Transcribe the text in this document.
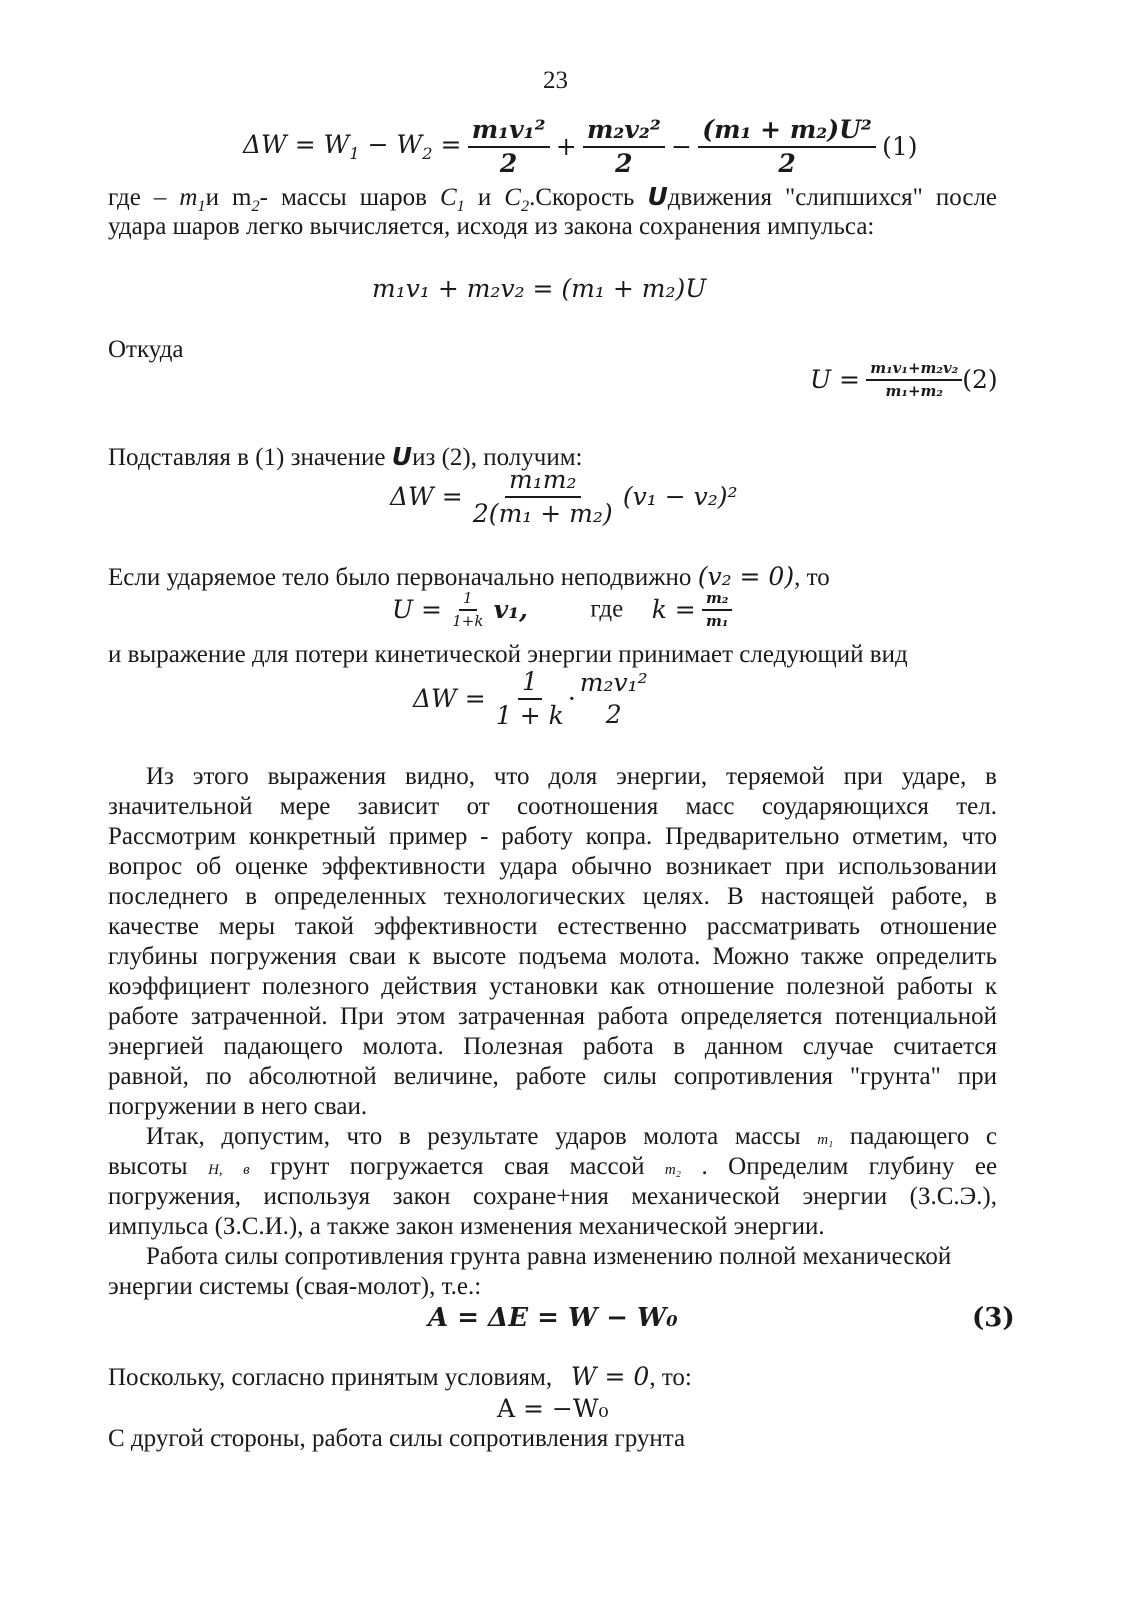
23
$\Delta W = W_1 - W_2 = \frac{\text{m₁v₁²}}{2} + \frac{\text{m₂v₂²}}{2} - \frac{\text{(m₁ + m₂)U²}}{2} (1)$
где – $m_1и$ $m_2-$ массы шаров $C_1$ и $C_2.Скорость$ Uдвижения "слипшихся" после
удара шаров легко вычисляется, исходя из закона сохранения импульса:
m₁v₁ + m₂v₂ = (m₁ + m₂)U
Откуда
$U = \frac{\text{m₁v₁+m₂v₂}}{\text{m₁+m₂}} (2)$
Подставляя в (1) значение Uиз (2), получим:
$\Delta W = \frac{\text{m₁m₂}}{\text{2(m₁ + m₂)}} (v_1 - v_2)^2$
Если ударяемое тело было первоначально неподвижно (v₂ = 0), то
$U = \frac{1}{1+k} v_1$,	где $k = \frac{\text{m₂}}{\text{m₁}}$
и выражение для потери кинетической энергии принимает следующий вид
$\Delta W = \frac{1}{1 + k}$ ·
m₂v₁²
2
Из этого выражения видно, что доля энергии, теряемой при ударе, в
значительной мере зависит от соотношения масс соударяющихся тел.
Рассмотрим конкретный пример - работу копра. Предварительно отметим, что
вопрос об оценке эффективности удара обычно возникает при использовании
последнего в определенных технологических целях. В настоящей работе, в
качестве меры такой эффективности естественно рассматривать отношение
глубины погружения сваи к высоте подъема молота. Можно также определить
коэффициент полезного действия установки как отношение полезной работы к
работе затраченной. При этом затраченная работа определяется потенциальной
энергией падающего молота. Полезная работа в данном случае считается
равной, по абсолютной величине, работе силы сопротивления "грунта" при
погружении в него сваи.
Итак, допустим, что в результате ударов молота массы m₁ падающего с
высоты H, в грунт погружается свая массой m₂ . Определим глубину ее
погружения, используя закон сохране+ния механической энергии (З.С.Э.),
импульса (З.С.И.), а также закон изменения механической энергии.
Работа силы сопротивления грунта равна изменению полной механической
энергии системы (свая-молот), т.е.:
A = ΔE = W − W₀	(3)
Поскольку, согласно принятым условиям, W = 0, то:
A = −W₀
С другой стороны, работа силы сопротивления грунта
